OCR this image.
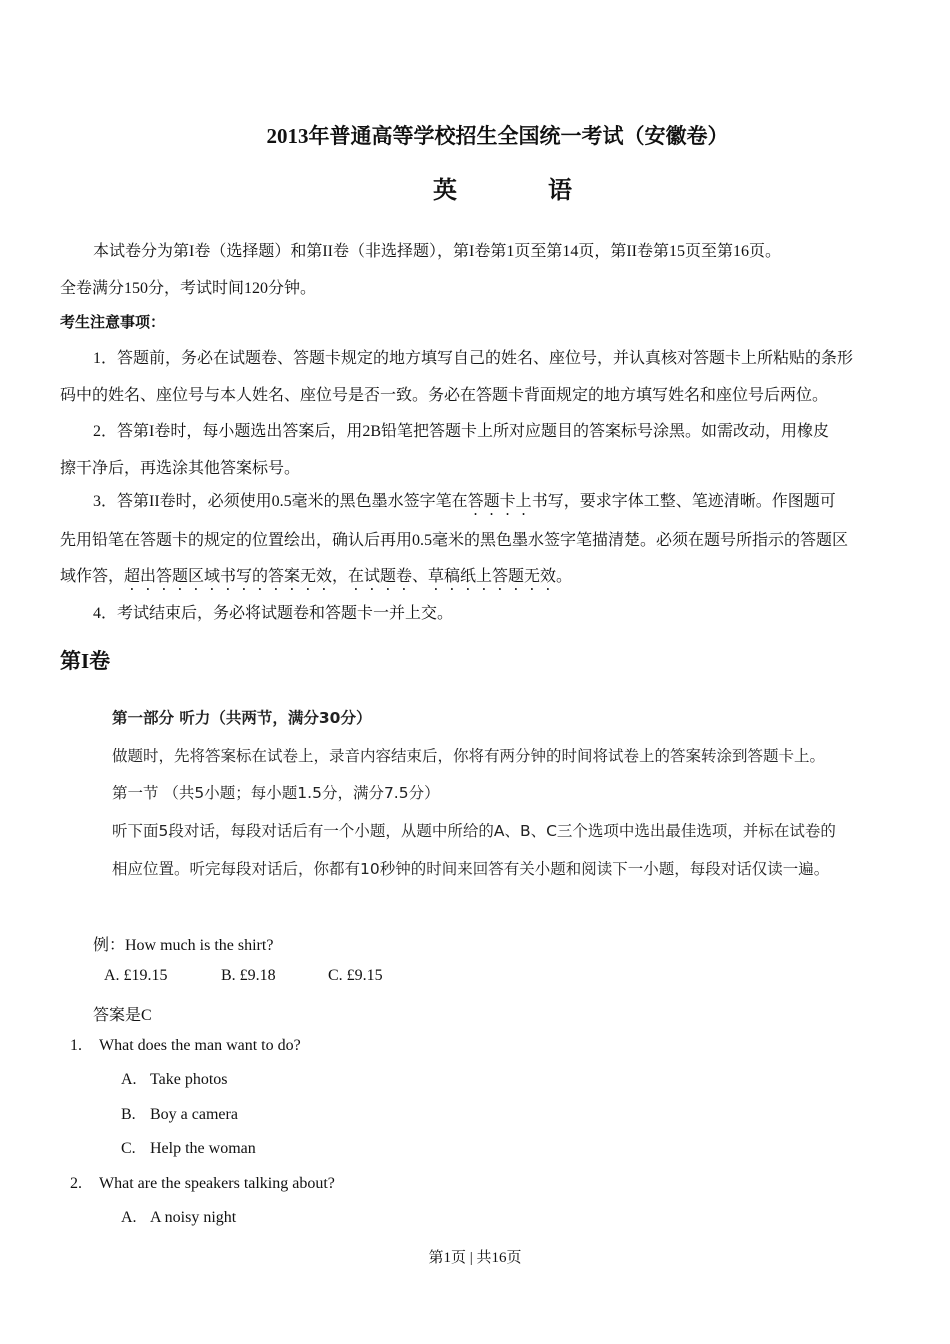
2013年普通高等学校招生全国统一考试（安徽卷）
英	语
本试卷分为第I卷（选择题）和第II卷（非选择题），第I卷第1页至第14页，第II卷第15页至第16页。
全卷满分150分，考试时间120分钟。
考生注意事项：
1．答题前，务必在试题卷、答题卡规定的地方填写自己的姓名、座位号，并认真核对答题卡上所粘贴的条形
码中的姓名、座位号与本人姓名、座位号是否一致。务必在答题卡背面规定的地方填写姓名和座位号后两位。
2．答第I卷时，每小题选出答案后，用2B铅笔把答题卡上所对应题目的答案标号涂黑。如需改动，用橡皮
擦干净后，再选涂其他答案标号。
3．答第II卷时，必须使用0.5毫米的黑色墨水签字笔在答题卡上书写，要求字体工整、笔迹清晰。作图题可
先用铅笔在答题卡的规定的位置绘出，确认后再用0.5毫米的黑色墨水签字笔描清楚。必须在题号所指示的答题区
域作答，超出答题区域书写的答案无效，在试题卷、草稿纸上答题无效。
4．考试结束后，务必将试题卷和答题卡一并上交。
第I卷
第一部分 听力（共两节，满分30分）
做题时，先将答案标在试卷上，录音内容结束后，你将有两分钟的时间将试卷上的答案转涂到答题卡上。
第一节 （共5小题；每小题1.5分，满分7.5分）
听下面5段对话，每段对话后有一个小题，从题中所给的A、B、C三个选项中选出最佳选项，并标在试卷的
相应位置。听完每段对话后，你都有10秒钟的时间来回答有关小题和阅读下一小题，每段对话仅读一遍。
例：How much is the shirt?
A. £19.15	B. £9.18	C. £9.15
答案是C
1. What does the man want to do?
A. Take photos
B. Boy a camera
C. Help the woman
2. What are the speakers talking about?
A. A noisy night
第1页 | 共16页
